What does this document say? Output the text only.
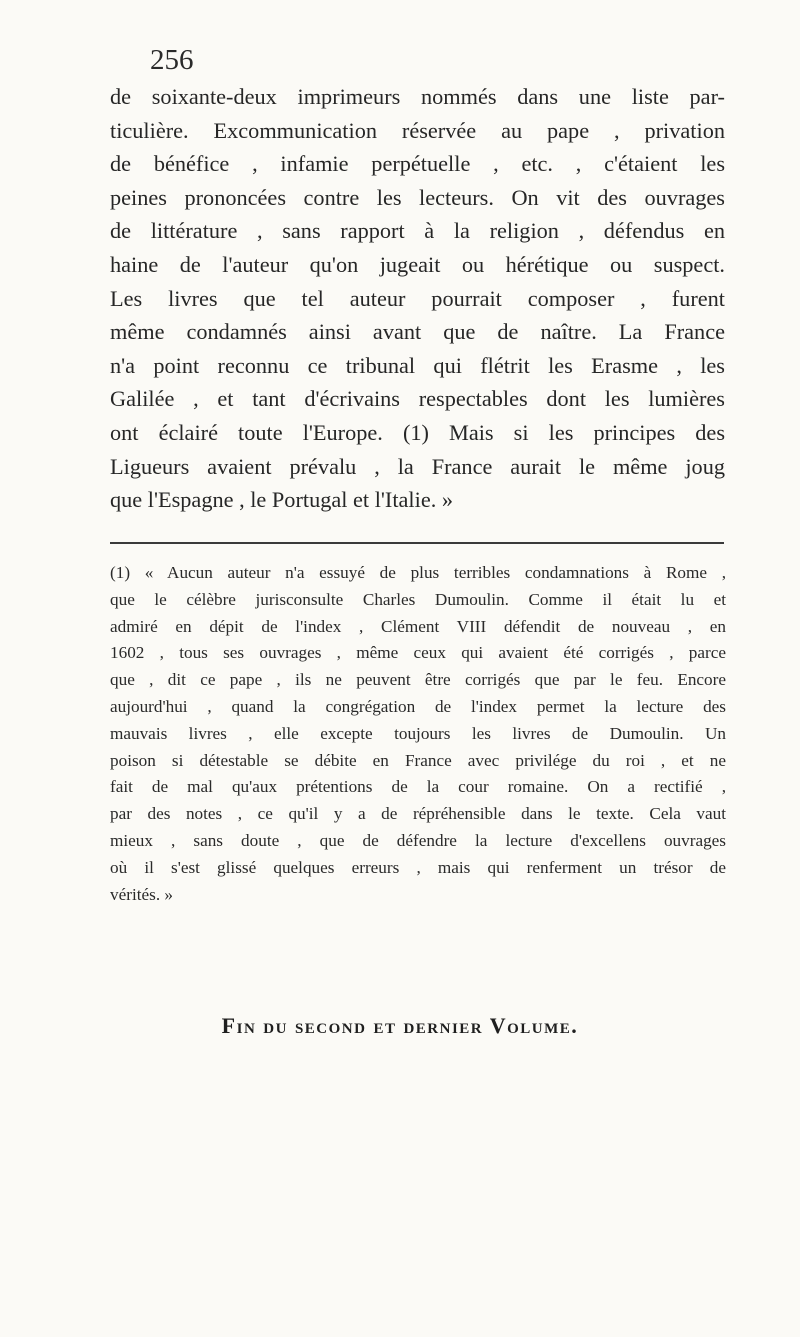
256
de soixante-deux imprimeurs nommés dans une liste par-
ticulière. Excommunication réservée au pape , privation
de bénéfice , infamie perpétuelle , etc. , c'étaient les
peines prononcées contre les lecteurs. On vit des ouvrages
de littérature , sans rapport à la religion , défendus en
haine de l'auteur qu'on jugeait ou hérétique ou suspect.
Les livres que tel auteur pourrait composer , furent
même condamnés ainsi avant que de naître. La France
n'a point reconnu ce tribunal qui flétrit les Erasme , les
Galilée , et tant d'écrivains respectables dont les lumières
ont éclairé toute l'Europe. (1) Mais si les principes des
Ligueurs avaient prévalu , la France aurait le même joug
que l'Espagne , le Portugal et l'Italie. »
(1) « Aucun auteur n'a essuyé de plus terribles condamnations à Rome ,
que le célèbre jurisconsulte Charles Dumoulin. Comme il était lu et
admiré en dépit de l'index , Clément VIII défendit de nouveau , en
1602 , tous ses ouvrages , même ceux qui avaient été corrigés , parce
que , dit ce pape , ils ne peuvent être corrigés que par le feu. Encore
aujourd'hui , quand la congrégation de l'index permet la lecture des
mauvais livres , elle excepte toujours les livres de Dumoulin. Un
poison si détestable se débite en France avec privilége du roi , et ne
fait de mal qu'aux prétentions de la cour romaine. On a rectifié ,
par des notes , ce qu'il y a de répréhensible dans le texte. Cela vaut
mieux , sans doute , que de défendre la lecture d'excellens ouvrages
où il s'est glissé quelques erreurs , mais qui renferment un trésor de
vérités. »
Fin du second et dernier Volume.
